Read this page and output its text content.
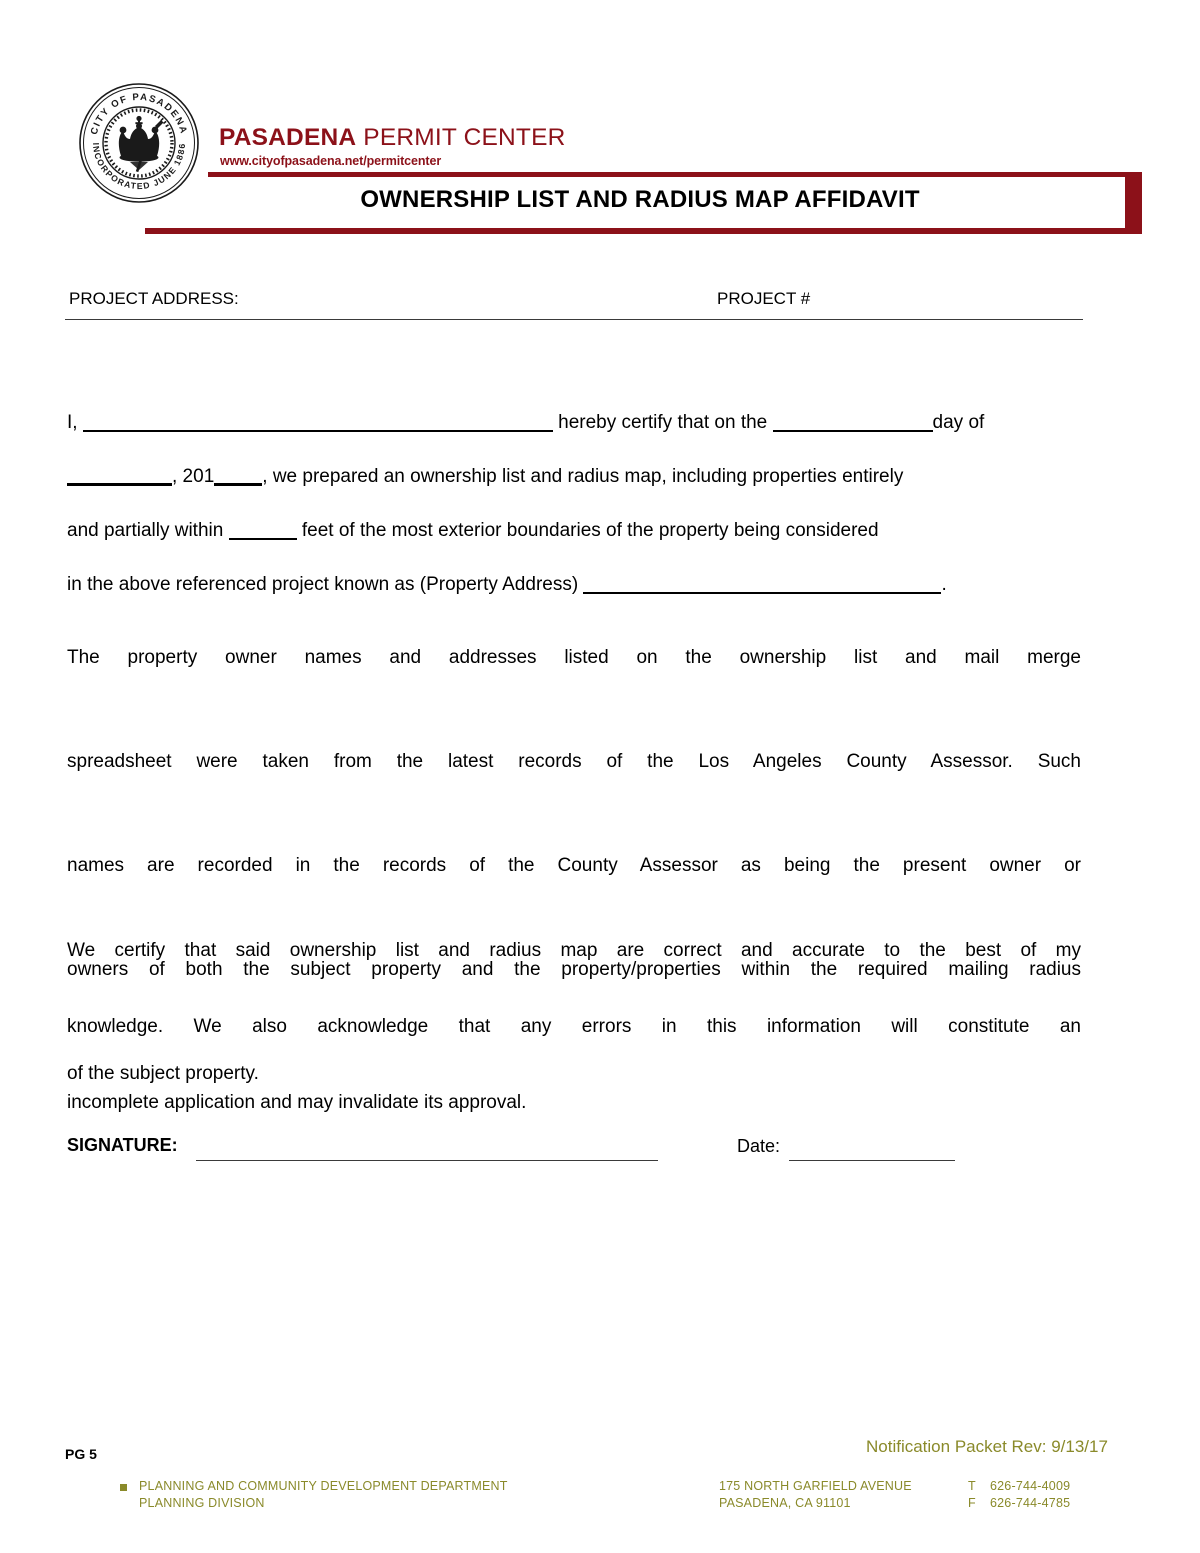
CITY OF PASADENA
INCORPORATED JUNE 1886 PASADENA PERMIT CENTER
www.cityofpasadena.net/permitcenter
OWNERSHIP LIST AND RADIUS MAP AFFIDAVIT
PROJECT ADDRESS:	PROJECT #
I,	hereby certify that on the	day of
, 201	, we prepared an ownership list and radius map, including properties entirely
and partially within	feet of the most exterior boundaries of the property being considered
in the above referenced project known as (Property Address)	.
The property owner names and addresses listed on the ownership list and mail merge
spreadsheet were taken from the latest records of the Los Angeles County Assessor. Such
names are recorded in the records of the County Assessor as being the present owner or
owners of both the subject property and the property/properties within the required mailing radius
of the subject property.
We certify that said ownership list and radius map are correct and accurate to the best of my
knowledge. We also acknowledge that any errors in this information will constitute an
incomplete application and may invalidate its approval.
SIGNATURE:	Date:
PG 5	Notification Packet Rev: 9/13/17
PLANNING AND COMMUNITY DEVELOPMENT DEPARTMENT
PLANNING DIVISION
175 NORTH GARFIELD AVENUE
PASADENA, CA 91101
T 626-744-4009
F 626-744-4785
